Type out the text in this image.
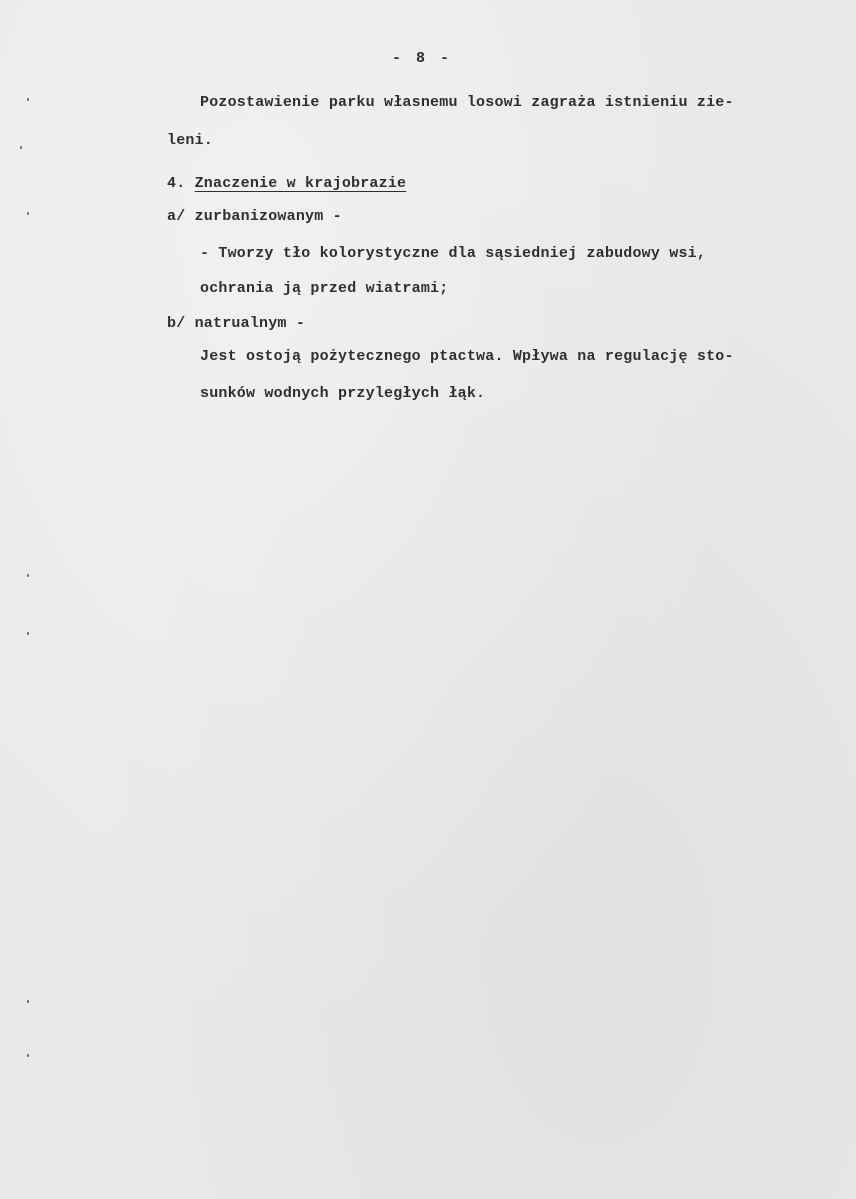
- 8 -
Pozostawienie parku własnemu losowi zagraża istnieniu zie-
leni.
4. Znaczenie w krajobrazie
a/ zurbanizowanym -
- Tworzy tło kolorystyczne dla sąsiedniej zabudowy wsi,
ochrania ją przed wiatrami;
b/ natrualnym -
Jest ostoją pożytecznego ptactwa. Wpływa na regulację sto-
sunków wodnych przyległych łąk.
